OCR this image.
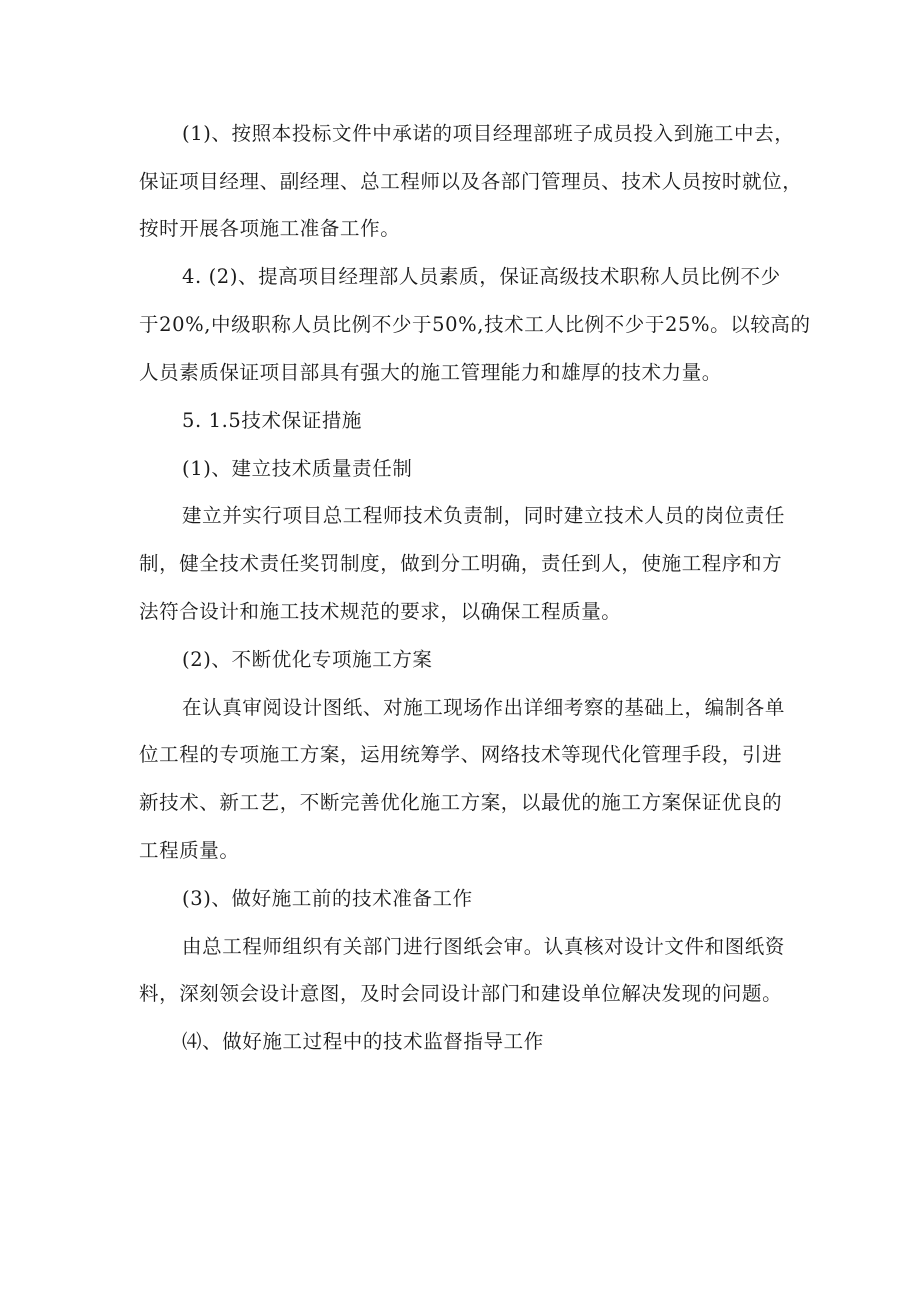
(1)、按照本投标文件中承诺的项目经理部班子成员投入到施工中去，

保证项目经理、副经理、总工程师以及各部门管理员、技术人员按时就位，

按时开展各项施工准备工作。

4. (2)、提高项目经理部人员素质，保证高级技术职称人员比例不少

于20%,中级职称人员比例不少于50%,技术工人比例不少于25%。以较高的

人员素质保证项目部具有强大的施工管理能力和雄厚的技术力量。

5. 1.5技术保证措施

(1)、建立技术质量责任制

建立并实行项目总工程师技术负责制，同时建立技术人员的岗位责任

制，健全技术责任奖罚制度，做到分工明确，责任到人，使施工程序和方

法符合设计和施工技术规范的要求，以确保工程质量。

(2)、不断优化专项施工方案

在认真审阅设计图纸、对施工现场作出详细考察的基础上，编制各单

位工程的专项施工方案，运用统筹学、网络技术等现代化管理手段，引进

新技术、新工艺，不断完善优化施工方案，以最优的施工方案保证优良的

工程质量。

(3)、做好施工前的技术准备工作

由总工程师组织有关部门进行图纸会审。认真核对设计文件和图纸资

料，深刻领会设计意图，及时会同设计部门和建设单位解决发现的问题。

⑷、做好施工过程中的技术监督指导工作
